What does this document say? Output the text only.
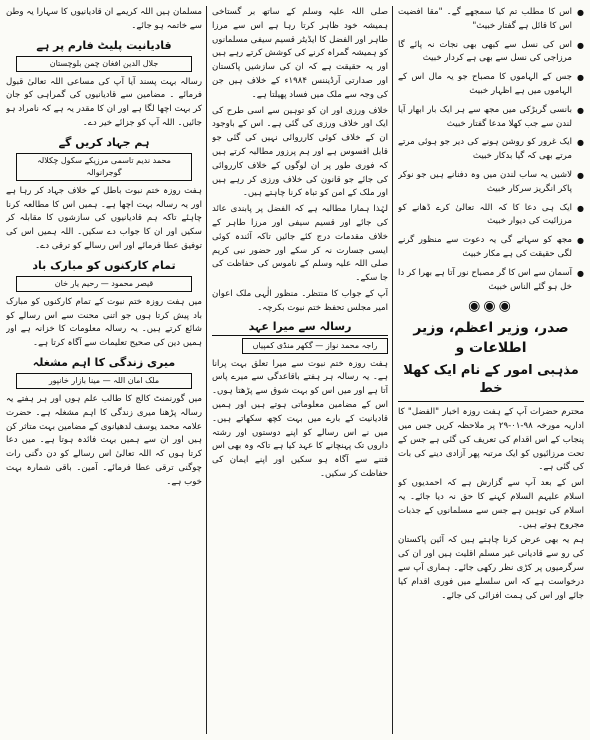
● اس کا مطلب تم کیا سمجھے گے۔ "مقا افضیت اس کا قائل ہے گفتار خبیث"
● اس کی نسل سے کبھی بھی نجات نہ پائے گا مرزاجی کی نسل سے بھی ہے کردار خبیث
● جس کے الہاموں کا مصباح جو یہ مال اس کے الہاموں میں ہے اظہار خبیث
● بانسی گربڑکی میں مجھ سے ہر ایک بار ابھار آیا لندن سے جب کھلا مدعا گفتار خبیث
● ایک غرور کو روشن ہونے کی دیر جو ہوئی مرتے مرتے بھی کہ گیا بدکار خبیث
● لاشیں یہ ساب لندن میں وہ دفنانے ہیں جو نوکر پاکر انگریز سرکار خبیث
● ایک ہی دعا کا کہ اللہ تعالیٰ کرے ڈھانے کو مرزائیت کی دیوار خبیث
● مجھ کو سہاتے گی یہ دعوت سے منظور گرنے لگی حقیقت کی ہے مکار خبیث
● آسمان سے اس کا گر مصباح نور آتا ہے بھرا کر دا خل ہو گئے الناس خبیث
◉◉◉
صدر، وزیر اعظم، وزیر اطلاعات و
مذہبی امور کے نام ایک کھلا خط

محترم حضرات آپ کے ہفت روزہ اخبار "الفضل" کا اداریہ مورخہ ۹۸-۰۱-۲۹ پر ملاحظہ کریں جس میں پنجاب کے اس اقدام کی تعریف کی گئی ہے جس کے تحت مرزائیوں کو ایک مرتبہ پھر آزادی دینے کی بات کی گئی ہے۔

اس کے بعد آپ سے گزارش ہے کہ احمدیوں کو اسلام علیہم السلام کہنے کا حق نہ دیا جائے۔ یہ اسلام کی توہین ہے جس سے مسلمانوں کے جذبات مجروح ہوتے ہیں۔

ہم یہ بھی عرض کرنا چاہتے ہیں کہ آئین پاکستان کی رو سے قادیانی غیر مسلم اقلیت ہیں اور ان کی سرگرمیوں پر کڑی نظر رکھی جائے۔ ہماری آپ سے درخواست ہے کہ اس سلسلے میں فوری اقدام کیا جائے اور اس کی ہمت افزائی کی جائے۔

صلی اللہ علیہ وسلم کے ساتھ بر گستاخی ہمیشہ خود ظاہر کرتا رہا ہے اس سے مرزا طاہر اور الفضل کا ایڈیٹر قسیم سیفی مسلمانوں کو ہمیشہ گمراہ کرنے کی کوشش کرتے رہے ہیں اور یہ حقیقت ہے کہ ان کی سازشیں پاکستان اور صدارتی آرڈیننس ۱۹۸۴ء کے خلاف ہیں جن کی وجہ سے ملک میں فساد پھیلتا ہے۔

خلاف ورزی اور ان کو توہین سے اسی طرح کی ایک اور خلاف ورزی کی گئی ہے۔ اس کے باوجود ان کے خلاف کوئی کارروائی نہیں کی گئی جو قابل افسوس ہے اور ہم پرزور مطالبہ کرتے ہیں کہ فوری طور پر ان لوگوں کے خلاف کارروائی کی جائے جو قانون کی خلاف ورزی کر رہے ہیں اور ملک کے امن کو تباہ کرنا چاہتے ہیں۔

لہٰذا ہمارا مطالبہ ہے کہ الفضل پر پابندی عائد کی جائے اور قسیم سیفی اور مرزا طاہر کے خلاف مقدمات درج کئے جائیں تاکہ آئندہ کوئی ایسی جسارت نہ کر سکے اور حضور نبی کریم صلی اللہ علیہ وسلم کے ناموس کی حفاظت کی جا سکے۔

آپ کے جواب کا منتظر۔ منظور الٰہی ملک اعوان امیر مجلس تحفظ ختم نبوت بکرچہ۔

رسالہ سے میرا عہد
راجہ محمد نواز — گکھر منڈی کمپیاں

ہفت روزہ ختم نبوت سے میرا تعلق بہت پرانا ہے۔ یہ رسالہ ہر ہفتے باقاعدگی سے میرے پاس آتا ہے اور میں اس کو بہت شوق سے پڑھتا ہوں۔ اس کے مضامین معلوماتی ہوتے ہیں اور ہمیں قادیانیت کے بارے میں بہت کچھ سکھاتے ہیں۔ میں نے اس رسالے کو اپنے دوستوں اور رشتہ داروں تک پہنچانے کا عہد کیا ہے تاکہ وہ بھی اس فتنے سے آگاہ ہو سکیں اور اپنے ایمان کی حفاظت کر سکیں۔

مسلمان ہیں اللہ کریمے ان قادیانیوں کا سہارا یہ وطن سے خاتمہ ہو جائے۔

قادیانیت پلیٹ فارم پر ہے
جلال الدین افغان چمن بلوچستان

رسالہ بہت پسند آیا آپ کی مساعی اللہ تعالیٰ قبول فرمائے ۔ مضامین سے قادیانیوں کی گمراہی کو جان کر بہت اچھا لگا ہے اور ان کا مقدر یہ ہے کہ نامراد ہو جائیں۔ اللہ آپ کو جزائے خیر دے۔

ہم جہاد کریں گے
محمد ندیم تاسمی مرزیکے سکول چکلالہ گوجرانوالہ

ہفت روزہ ختم نبوت باطل کے خلاف جہاد کر رہا ہے اور یہ رسالہ بہت اچھا ہے۔ ہمیں اس کا مطالعہ کرنا چاہئے تاکہ ہم قادیانیوں کی سازشوں کا مقابلہ کر سکیں اور ان کا جواب دے سکیں۔ اللہ ہمیں اس کی توفیق عطا فرمائے اور اس رسالے کو ترقی دے۔

تمام کارکنوں کو مبارک باد
قیصر محمود — رحیم یار خان

میں ہفت روزہ ختم نبوت کے تمام کارکنوں کو مبارک باد پیش کرتا ہوں جو اتنی محنت سے اس رسالے کو شائع کرتے ہیں۔ یہ رسالہ معلومات کا خزانہ ہے اور ہمیں دین کی صحیح تعلیمات سے آگاہ کرتا ہے۔

میری زندگی کا اہم مشغلہ
ملک امان اللہ — مینا بازار خانپور

میں گورنمنٹ کالج کا طالب علم ہوں اور ہر ہفتے یہ رسالہ پڑھنا میری زندگی کا اہم مشغلہ ہے۔ حضرت علامہ محمد یوسف لدھیانوی کے مضامین بہت متاثر کن ہیں اور ان سے ہمیں بہت فائدہ ہوتا ہے۔ میں دعا کرتا ہوں کہ اللہ تعالیٰ اس رسالے کو دن دگنی رات چوگنی ترقی عطا فرمائے۔ آمین۔ باقی شمارہ بہت خوب ہے۔
